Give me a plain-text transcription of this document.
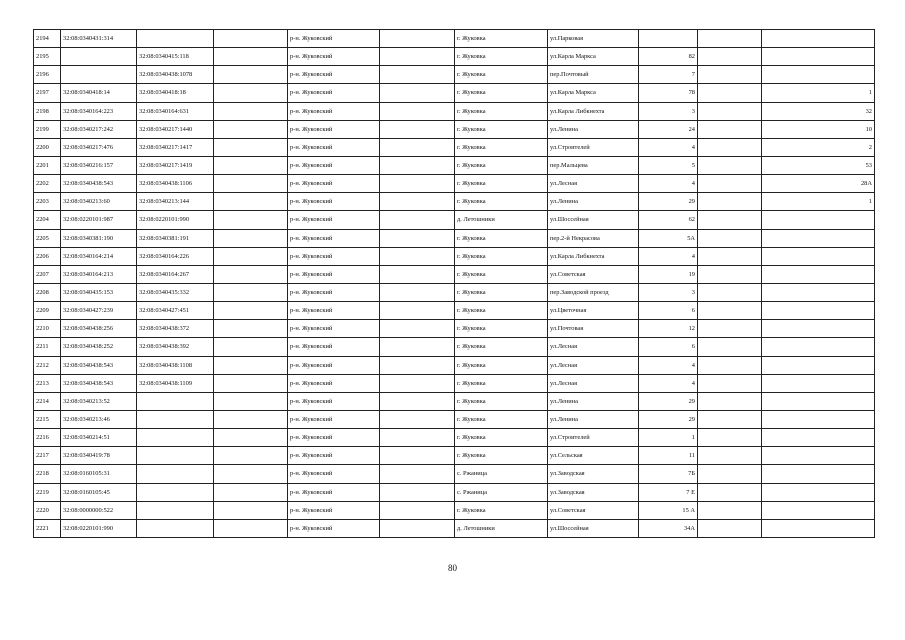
2194	32:08:0340431:314			р-н. Жуковский		г. Жуковка	ул.Парковая			
2195		32:08:0340415:118		р-н. Жуковский		г. Жуковка	ул.Карла Маркса	82		
2196		32:08:0340438:1078		р-н. Жуковский		г. Жуковка	пер.Почтовый	7		
2197	32:08:0340418:14	32:08:0340418:18		р-н. Жуковский		г. Жуковка	ул.Карла Маркса	78		1
2198	32:08:0340164:223	32:08:0340164:631		р-н. Жуковский		г. Жуковка	ул.Карла Либкнехта	3		32
2199	32:08:0340217:242	32:08:0340217:1440		р-н. Жуковский		г. Жуковка	ул.Ленина	24		10
2200	32:08:0340217:476	32:08:0340217:1417		р-н. Жуковский		г. Жуковка	ул.Строителей	4		2
2201	32:08:0340216:157	32:08:0340217:1419		р-н. Жуковский		г. Жуковка	пер.Мальцева	5		53
2202	32:08:0340438:543	32:08:0340438:1106		р-н. Жуковский		г. Жуковка	ул.Лесная	4		28А
2203	32:08:0340213:60	32:08:0340213:144		р-н. Жуковский		г. Жуковка	ул.Ленина	29		1
2204	32:08:0220101:987	32:08:0220101:990		р-н. Жуковский		д. Летошники	ул.Шоссейная	62		
2205	32:08:0340381:190	32:08:0340381:191		р-н. Жуковский		г. Жуковка	пер.2-й Некрасова	5А		
2206	32:08:0340164:214	32:08:0340164:226		р-н. Жуковский		г. Жуковка	ул.Карла Либкнехта	4		
2207	32:08:0340164:213	32:08:0340164:267		р-н. Жуковский		г. Жуковка	ул.Советская	19		
2208	32:08:0340435:153	32:08:0340435:332		р-н. Жуковский		г. Жуковка	пер.Заводской проезд	3		
2209	32:08:0340427:239	32:08:0340427:451		р-н. Жуковский		г. Жуковка	ул.Цветочная	6		
2210	32:08:0340438:256	32:08:0340438:372		р-н. Жуковский		г. Жуковка	ул.Почтовая	12		
2211	32:08:0340438:252	32:08:0340438:392		р-н. Жуковский		г. Жуковка	ул.Лесная	6		
2212	32:08:0340438:543	32:08:0340438:1108		р-н. Жуковский		г. Жуковка	ул.Лесная	4		
2213	32:08:0340438:543	32:08:0340438:1109		р-н. Жуковский		г. Жуковка	ул.Лесная	4		
2214	32:08:0340213:52			р-н. Жуковский		г. Жуковка	ул.Ленина	29		
2215	32:08:0340213:46			р-н. Жуковский		г. Жуковка	ул.Ленина	29		
2216	32:08:0340214:51			р-н. Жуковский		г. Жуковка	ул.Строителей	1		
2217	32:08:0340419:78			р-н. Жуковский		г. Жуковка	ул.Сельская	11		
2218	32:08:0160105:31			р-н. Жуковский		с. Ржаница	ул.Заводская	7Б		
2219	32:08:0160105:45			р-н. Жуковский		с. Ржаница	ул.Заводская	7 Е		
2220	32:08:0000000:522			р-н. Жуковский		г. Жуковка	ул.Советская	15 А		
2221	32:08:0220101:990			р-н. Жуковский		д. Летошники	ул.Шоссейная	34А		
80
